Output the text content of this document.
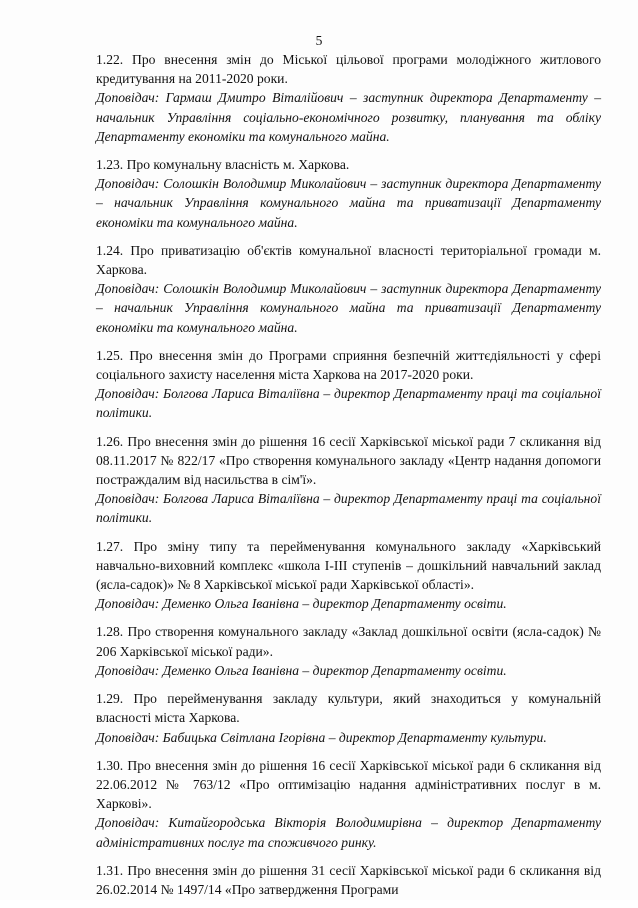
5

1.22. Про внесення змін до Міської цільової програми молодіжного житлового кредитування на 2011-2020 роки.

Доповідач: Гармаш Дмитро Віталійович – заступник директора Департаменту – начальник Управління соціально-економічного розвитку, планування та обліку Департаменту економіки та комунального майна.

1.23. Про комунальну власність м. Харкова.

Доповідач: Солошкін Володимир Миколайович – заступник директора Департаменту – начальник Управління комунального майна та приватизації Департаменту економіки та комунального майна.

1.24. Про приватизацію об'єктів комунальної власності територіальної громади м. Харкова.

Доповідач: Солошкін Володимир Миколайович – заступник директора Департаменту – начальник Управління комунального майна та приватизації Департаменту економіки та комунального майна.

1.25. Про внесення змін до Програми сприяння безпечній життєдіяльності у сфері соціального захисту населення міста Харкова на 2017-2020 роки.

Доповідач: Болгова Лариса Віталіївна – директор Департаменту праці та соціальної політики.

1.26. Про внесення змін до рішення 16 сесії Харківської міської ради 7 скликання від 08.11.2017 № 822/17 «Про створення комунального закладу «Центр надання допомоги постраждалим від насильства в сім'ї».

Доповідач: Болгова Лариса Віталіївна – директор Департаменту праці та соціальної політики.

1.27. Про зміну типу та перейменування комунального закладу «Харківський навчально-виховний комплекс «школа І-ІІІ ступенів – дошкільний навчальний заклад (ясла-садок)» № 8 Харківської міської ради Харківської області».

Доповідач: Деменко Ольга Іванівна – директор Департаменту освіти.

1.28. Про створення комунального закладу «Заклад дошкільної освіти (ясла-садок) № 206 Харківської міської ради».

Доповідач: Деменко Ольга Іванівна – директор Департаменту освіти.

1.29. Про перейменування закладу культури, який знаходиться у комунальній власності міста Харкова.

Доповідач: Бабицька Світлана Ігорівна – директор Департаменту культури.

1.30. Про внесення змін до рішення 16 сесії Харківської міської ради 6 скликання від 22.06.2012 № 763/12 «Про оптимізацію надання адміністративних послуг в м. Харкові».

Доповідач: Китайгородська Вікторія Володимирівна – директор Департаменту адміністративних послуг та споживчого ринку.

1.31. Про внесення змін до рішення 31 сесії Харківської міської ради 6 скликання від 26.02.2014 № 1497/14 «Про затвердження Програми
